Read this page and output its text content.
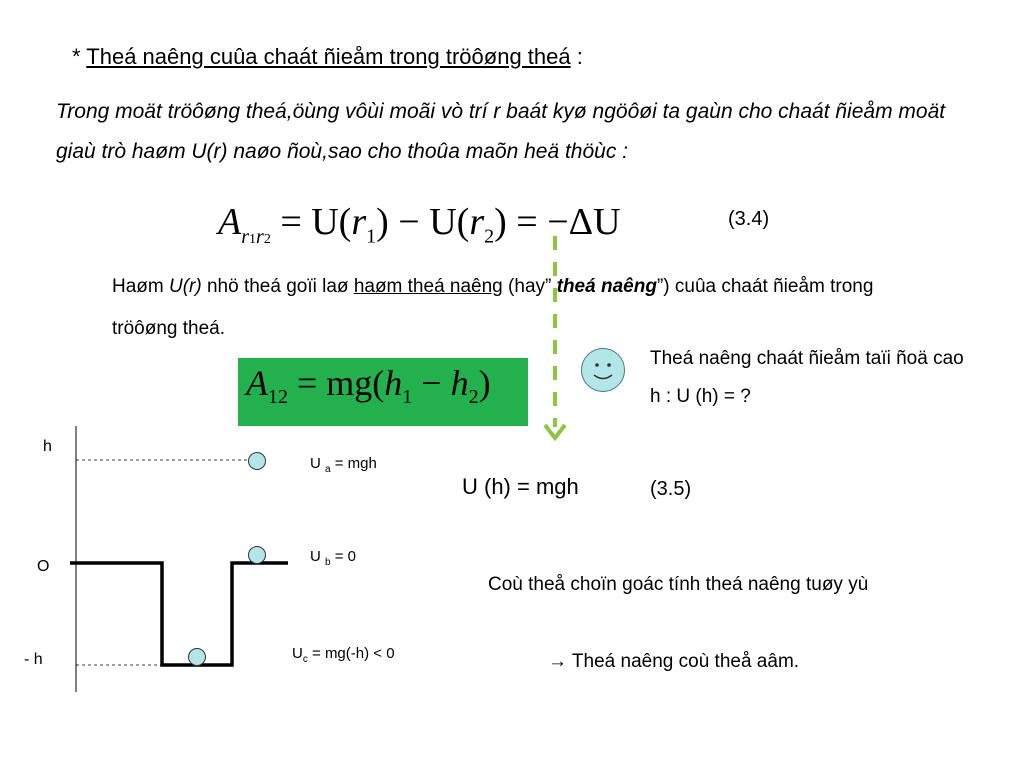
* Theá naêng cuûa chaát ñieåm trong tröôøng theá :
Trong moät tröôøng theá,öùng vôùi moãi vò trí r baát kyø ngöôøi ta gaùn cho chaát ñieåm moät giaù trò haøm U(r) naøo ñoù,sao cho thoûa maõn heä thöùc :
$A_{r1r2} = U(r_1) - U(r_2) = -\Delta U$	(3.4)
Haøm U(r) nhö theá goïi laø haøm theá naêng (hay” theá naêng”) cuûa chaát ñieåm trong tröôøng theá.
$A_{12} = mg(h_1 - h_2)$
Theá naêng chaát ñieåm taïi ñoä cao h : U (h) = ?
U (h) = mgh	(3.5)
h
O
- h
U $_a$ = mgh
U $_b$ = 0
$U_c = mg(-h) < 0$
Coù theå choïn goác tính theá naêng tuøy yù
→ Theá naêng coù theå aâm.
